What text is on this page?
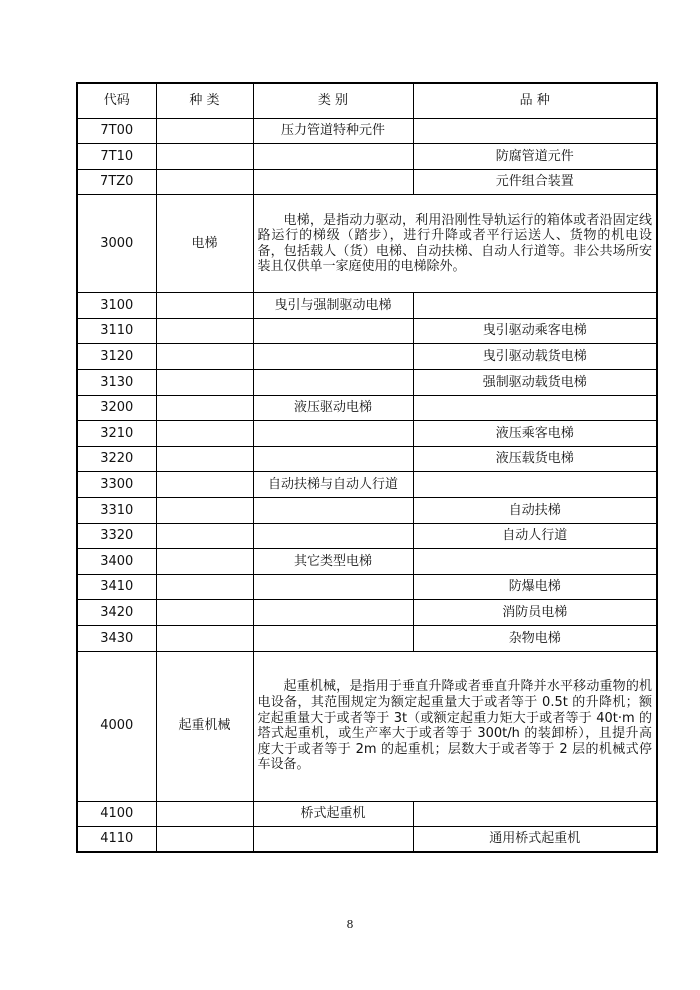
代码	种 类	类 别	品 种
7T00		压力管道特种元件	
7T10			防腐管道元件
7TZ0			元件组合装置
3000	电梯	电梯，是指动力驱动，利用沿刚性导轨运行的箱体或者沿固定线路运行的梯级（踏步），进行升降或者平行运送人、货物的机电设备，包括载人（货）电梯、自动扶梯、自动人行道等。非公共场所安装且仅供单一家庭使用的电梯除外。	

3100		曳引与强制驱动电梯	
3110			曳引驱动乘客电梯
3120			曳引驱动载货电梯
3130			强制驱动载货电梯
3200		液压驱动电梯	
3210			液压乘客电梯
3220			液压载货电梯
3300		自动扶梯与自动人行道	
3310			自动扶梯
3320			自动人行道
3400		其它类型电梯	
3410			防爆电梯
3420			消防员电梯
3430			杂物电梯
4000	起重机械	起重机械，是指用于垂直升降或者垂直升降并水平移动重物的机电设备，其范围规定为额定起重量大于或者等于 0.5t 的升降机；额定起重量大于或者等于 3t（或额定起重力矩大于或者等于 40t·m 的塔式起重机，或生产率大于或者等于 300t/h 的装卸桥），且提升高度大于或者等于 2m 的起重机；层数大于或者等于 2 层的机械式停车设备。	

4100		桥式起重机	
4110			通用桥式起重机
8
